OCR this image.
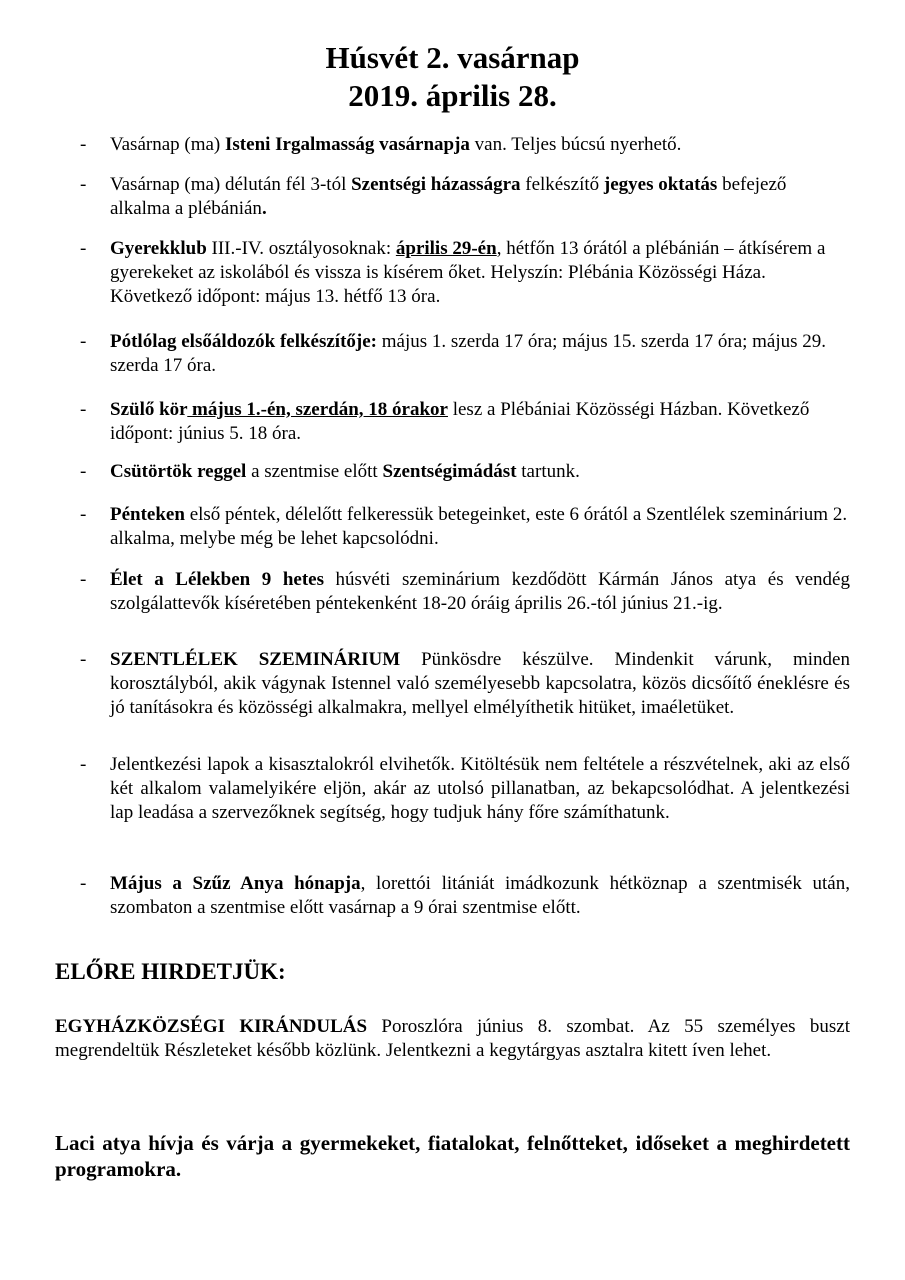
Húsvét 2. vasárnap
2019. április 28.

- Vasárnap (ma) Isteni Irgalmasság vasárnapja van. Teljes búcsú nyerhető.

- Vasárnap (ma) délután fél 3-tól Szentségi házasságra felkészítő jegyes oktatás befejező alkalma a plébánián.

- Gyerekklub III.-IV. osztályosoknak: április 29-én, hétfőn 13 órától a plébánián – átkísérem a gyerekeket az iskolából és vissza is kísérem őket. Helyszín: Plébánia Közösségi Háza. Következő időpont: május 13. hétfő 13 óra.

- Pótlólag elsőáldozók felkészítője: május 1. szerda 17 óra; május 15. szerda 17 óra; május 29. szerda 17 óra.

- Szülő kör május 1.-én, szerdán, 18 órakor lesz a Plébániai Közösségi Házban. Következő időpont: június 5. 18 óra.

- Csütörtök reggel a szentmise előtt Szentségimádást tartunk.

- Pénteken első péntek, délelőtt felkeressük betegeinket, este 6 órától a Szentlélek szeminárium 2. alkalma, melybe még be lehet kapcsolódni.

- Élet a Lélekben 9 hetes húsvéti szeminárium kezdődött Kármán János atya és vendég szolgálattevők kíséretében péntekenként 18-20 óráig április 26.-tól június 21.-ig.

- SZENTLÉLEK SZEMINÁRIUM Pünkösdre készülve. Mindenkit várunk, minden korosztályból, akik vágynak Istennel való személyesebb kapcsolatra, közös dicsőítő éneklésre és jó tanításokra és közösségi alkalmakra, mellyel elmélyíthetik hitüket, imaéletüket.

- Jelentkezési lapok a kisasztalokról elvihetők. Kitöltésük nem feltétele a részvételnek, aki az első két alkalom valamelyikére eljön, akár az utolsó pillanatban, az bekapcsolódhat. A jelentkezési lap leadása a szervezőknek segítség, hogy tudjuk hány főre számíthatunk.

- Május a Szűz Anya hónapja, lorettói litániát imádkozunk hétköznap a szentmisék után, szombaton a szentmise előtt vasárnap a 9 órai szentmise előtt.

ELŐRE HIRDETJÜK:

EGYHÁZKÖZSÉGI KIRÁNDULÁS Poroszlóra június 8. szombat. Az 55 személyes buszt megrendeltük Részleteket később közlünk. Jelentkezni a kegytárgyas asztalra kitett íven lehet.

Laci atya hívja és várja a gyermekeket, fiatalokat, felnőtteket, időseket a meghirdetett programokra.
